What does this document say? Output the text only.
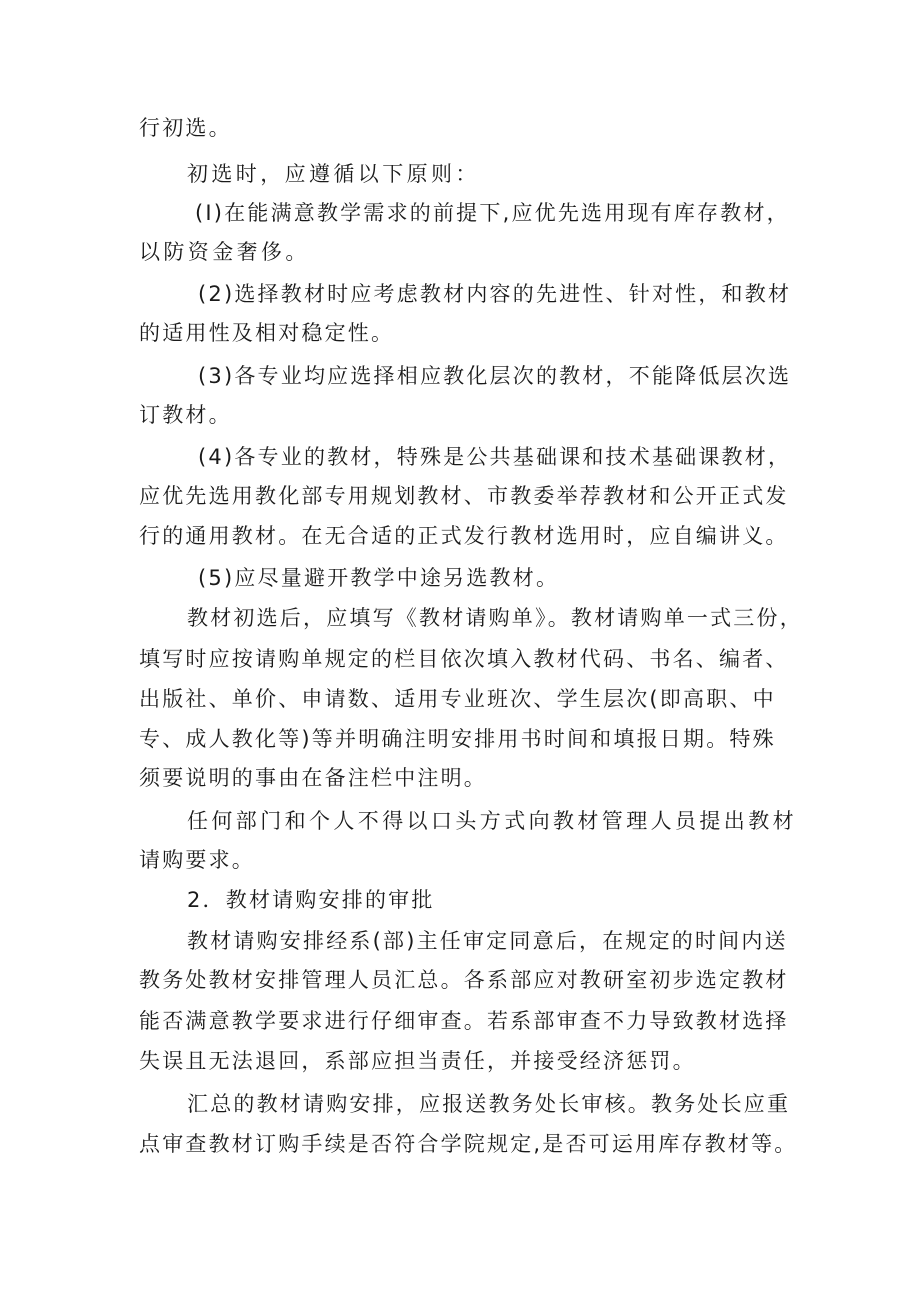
行初选。
初选时，应遵循以下原则：
(I)在能满意教学需求的前提下,应优先选用现有库存教材，
以防资金奢侈。
(2)选择教材时应考虑教材内容的先进性、针对性，和教材
的适用性及相对稳定性。
(3)各专业均应选择相应教化层次的教材，不能降低层次选
订教材。
(4)各专业的教材，特殊是公共基础课和技术基础课教材，
应优先选用教化部专用规划教材、市教委举荐教材和公开正式发
行的通用教材。在无合适的正式发行教材选用时，应自编讲义。
(5)应尽量避开教学中途另选教材。
教材初选后，应填写《教材请购单》。教材请购单一式三份，
填写时应按请购单规定的栏目依次填入教材代码、书名、编者、
出版社、单价、申请数、适用专业班次、学生层次(即高职、中
专、成人教化等)等并明确注明安排用书时间和填报日期。特殊
须要说明的事由在备注栏中注明。
任何部门和个人不得以口头方式向教材管理人员提出教材
请购要求。
2．教材请购安排的审批
教材请购安排经系(部)主任审定同意后，在规定的时间内送
教务处教材安排管理人员汇总。各系部应对教研室初步选定教材
能否满意教学要求进行仔细审查。若系部审查不力导致教材选择
失误且无法退回，系部应担当责任，并接受经济惩罚。
汇总的教材请购安排，应报送教务处长审核。教务处长应重
点审查教材订购手续是否符合学院规定,是否可运用库存教材等。
